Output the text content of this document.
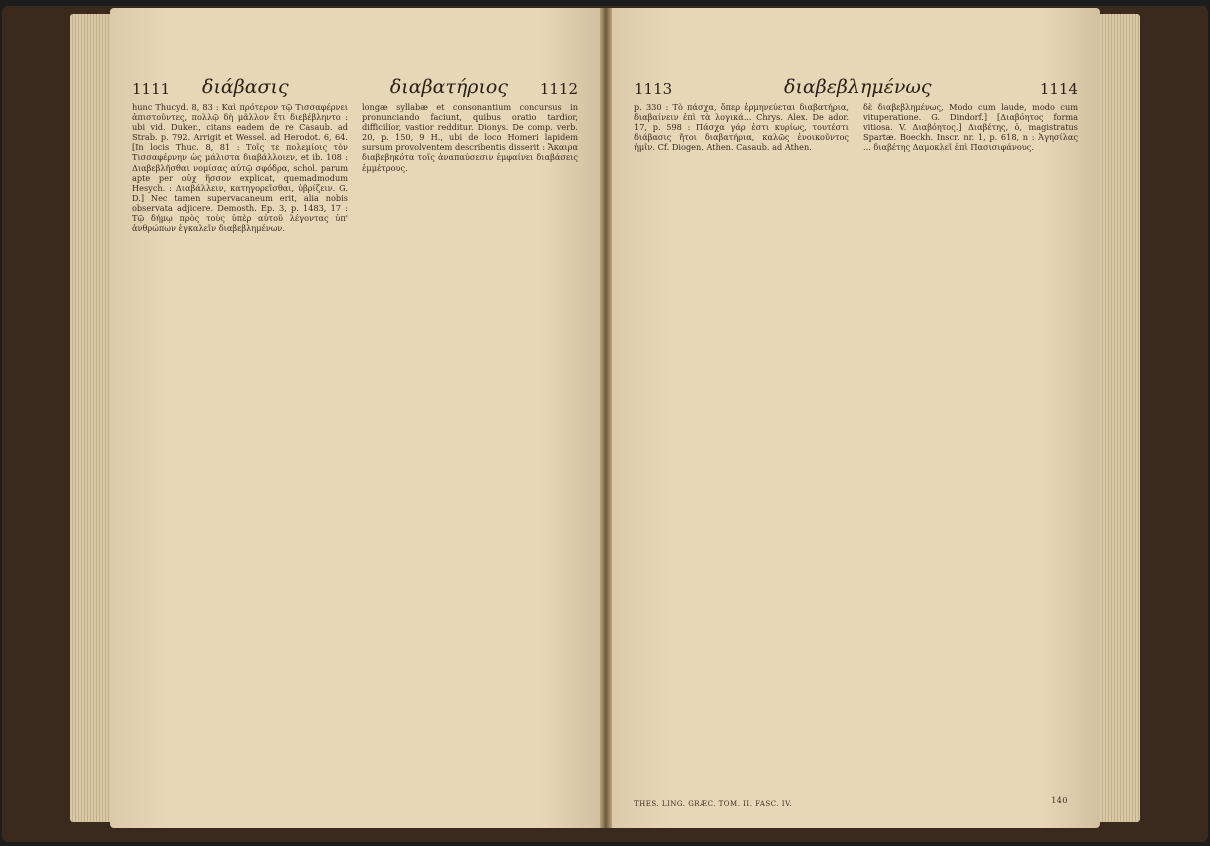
1111 διάβασις	διαβατήριος 1112

hunc Thucyd. 8, 83 : Καὶ πρότερον τῷ Τισσαφέρνει ἀπιστοῦντες, πολλῷ δὴ μᾶλλον ἔτι διεβέβληντο : ubi vid. Duker., citans eadem de re Casaub. ad Strab. p. 792. Arrigit et Wessel. ad Herodot. 6, 64. [In locis Thuc. 8, 81 : Τοῖς τε πολεμίοις τὸν Τισσαφέρνην ὡς μάλιστα διαβάλλοιεν, et ib. 108 : Διαβεβλῆσθαι νομίσας αὐτῷ σφόδρα, schol. parum apte per οὐχ ἥσσον explicat, quemadmodum Hesych. : Διαβάλλειν, κατηγορεῖσθαι, ὑβρίζειν. G. D.] Nec tamen supervacaneum erit, alia nobis observata adjicere. Demosth. Ep. 3, p. 1483, 17 : Τῷ δήμῳ πρὸς τοὺς ὑπὲρ αὐτοῦ λέγοντας ὑπ' ἀνθρώπων ἐγκαλεῖν διαβεβλημένων.

longæ syllabæ et consonantium concursus in pronunciando faciunt, quibus oratio tardior, difficilior, vastior redditur. Dionys. De comp. verb. 20, p. 150, 9 H., ubi de loco Homeri lapidem sursum provolventem describentis disserit : Ἄκαιρα διαβεβηκότα τοῖς ἀναπαύσεσιν ἐμφαίνει διαβάσεις ἐμμέτρους.

1113	διαβεβλημένως	1114

p. 330 : Τὸ πάσχα, ὅπερ ἑρμηνεύεται διαβατήρια, διαβαίνειν ἐπὶ τὰ λογικά... Chrys. Alex. De ador. 17, p. 598 : Πάσχα γάρ ἐστι κυρίως, τουτέστι διάβασις ἤτοι διαβατήρια, καλῶς ἐνοικοῦντος ἡμῖν. Cf. Diogen. Athen. Casaub. ad Athen.

δὲ διαβεβλημένως, Modo cum laude, modo cum vituperatione. G. Dindorf.] [Διαβόητος forma vitiosa. V. Διαβόητος.] Διαβέτης, ὁ, magistratus Spartæ. Boeckh. Inscr. nr. 1, p. 618, n : Ἀγησίλας ... διαβέτης Δαμοκλεῖ ἐπὶ Πασισιφάνους.

THES. LING. GRÆC. TOM. II. FASC. IV.	140
